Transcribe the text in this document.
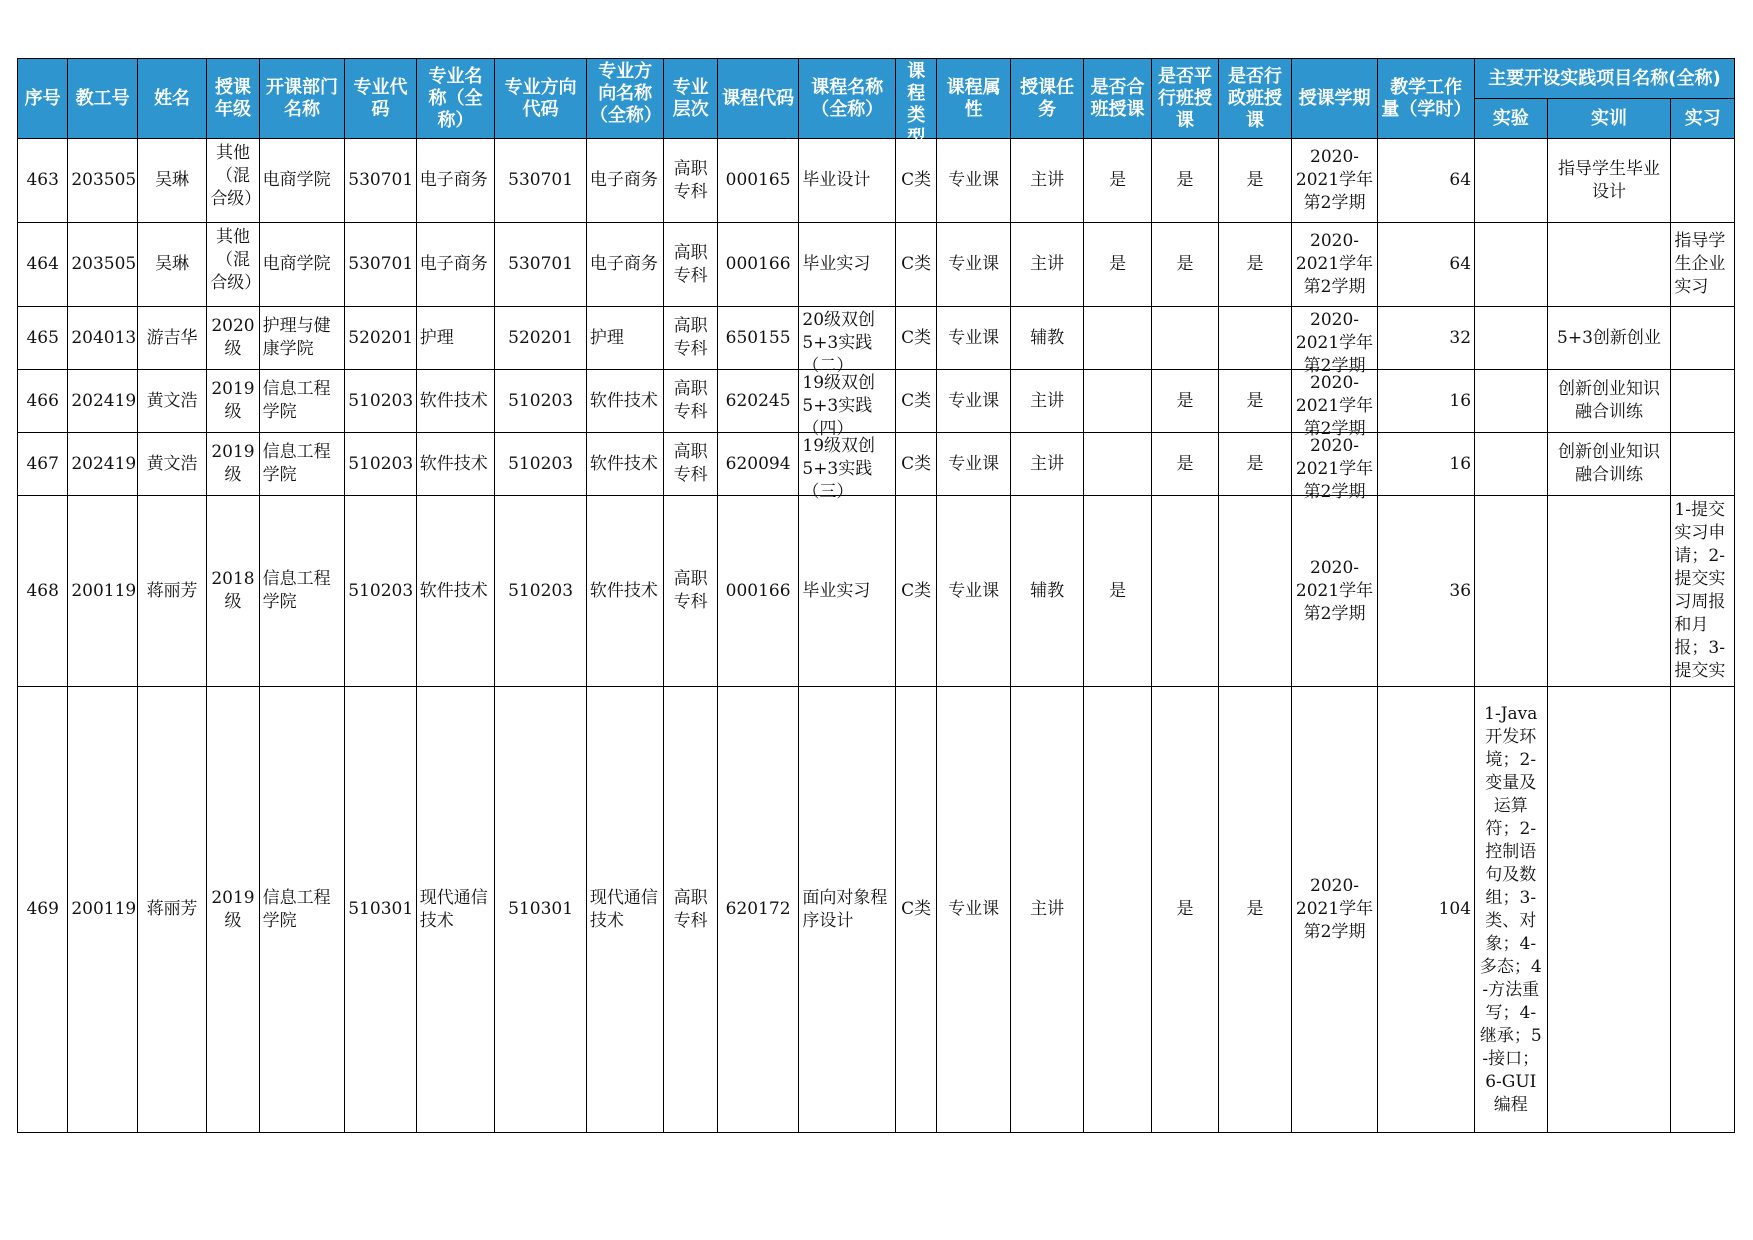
序号	教工号	姓名	授课年级	开课部门名称	专业代码	专业名称（全称）	专业方向代码	专业方向名称（全称）	专业层次	课程代码	课程名称（全称）	课程类型	课程属性	授课任务	是否合班授课	是否平行班授课	是否行政班授课	授课学期	教学工作量（学时）	主要开设实践项目名称(全称)		
																				实验	实训	实习
463	203505	吴琳	其他（混合级）	电商学院	530701	电子商务	530701	电子商务	高职专科	000165	毕业设计	C类	专业课	主讲	是	是	是	2020-2021学年第2学期	64		指导学生毕业设计	
464	203505	吴琳	其他（混合级）	电商学院	530701	电子商务	530701	电子商务	高职专科	000166	毕业实习	C类	专业课	主讲	是	是	是	2020-2021学年第2学期	64			指导学生企业实习
465	204013	游吉华	2020级	护理与健康学院	520201	护理	520201	护理	高职专科	650155	20级双创5+3实践（二）	C类	专业课	辅教				2020-2021学年第2学期	32		5+3创新创业	
466	202419	黄文浩	2019级	信息工程学院	510203	软件技术	510203	软件技术	高职专科	620245	19级双创5+3实践（四）	C类	专业课	主讲		是	是	2020-2021学年第2学期	16		创新创业知识融合训练	
467	202419	黄文浩	2019级	信息工程学院	510203	软件技术	510203	软件技术	高职专科	620094	19级双创5+3实践（三）	C类	专业课	主讲		是	是	2020-2021学年第2学期	16		创新创业知识融合训练	
468	200119	蒋丽芳	2018级	信息工程学院	510203	软件技术	510203	软件技术	高职专科	000166	毕业实习	C类	专业课	辅教	是			2020-2021学年第2学期	36			1-提交实习申请；2-提交实习周报和月报；3-提交实

469	200119	蒋丽芳	2019级	信息工程学院	510301	现代通信技术	510301	现代通信技术	高职专科	620172	面向对象程序设计	C类	专业课	主讲		是	是	2020-2021学年第2学期	104	1-Java开发环境；2-变量及运算符；2-控制语句及数组；3-类、对象；4-多态；4-方法重写；4-继承；5-接口；6-GUI编程		
